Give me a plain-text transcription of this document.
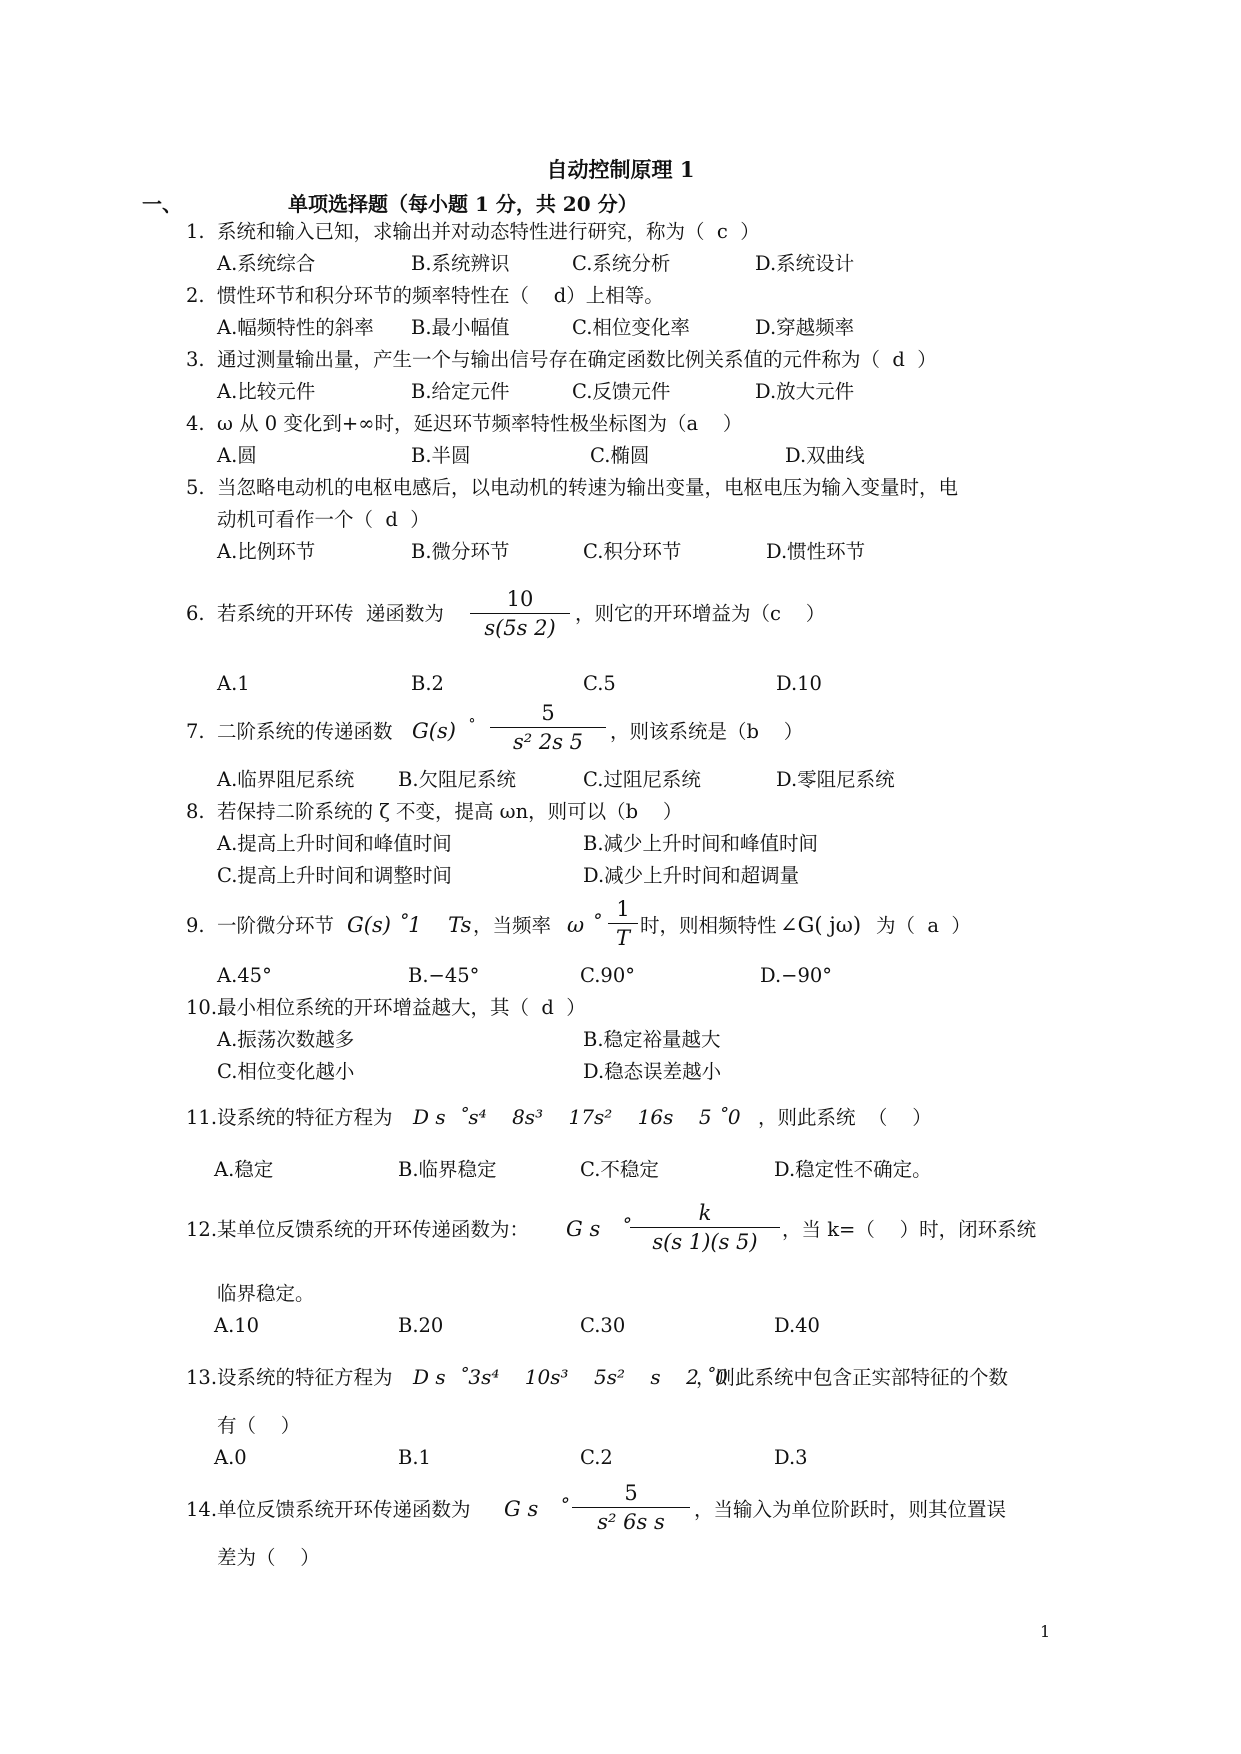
自动控制原理 1
一、	单项选择题（每小题 1 分，共 20 分）
1.  系统和输入已知，求输出并对动态特性进行研究，称为（  c  ）
A.系统综合	B.系统辨识	C.系统分析	D.系统设计
2.  惯性环节和积分环节的频率特性在（    d）上相等。
A.幅频特性的斜率 B.最小幅值	C.相位变化率	D.穿越频率
3.  通过测量输出量，产生一个与输出信号存在确定函数比例关系值的元件称为（  d  ）
A.比较元件	B.给定元件	C.反馈元件	D.放大元件
4.  ω 从 0 变化到+∞时，延迟环节频率特性极坐标图为（a    ）
A.圆	B.半圆	C.椭圆	D.双曲线
5.  当忽略电动机的电枢电感后，以电动机的转速为输出变量，电枢电压为输入变量时，电
动机可看作一个（  d  ）
A.比例环节	B.微分环节	C.积分环节	D.惯性环节
6.  若系统的开环传  递函数为
10
s(5s 2)
，则它的开环增益为（c    ）
A.1	B.2	C.5	D.10
7.  二阶系统的传递函数 G(s) ˚
5
s² 2s 5	，则该系统是（b    ）
A.临界阻尼系统 B.欠阻尼系统	C.过阻尼系统	D.零阻尼系统
8.  若保持二阶系统的 ζ 不变，提高 ωn，则可以（b    ）
A.提高上升时间和峰值时间	B.减少上升时间和峰值时间
C.提高上升时间和调整时间	D.减少上升时间和超调量
9.  一阶微分环节 G(s) ˚1    Ts ，当频率 ω ˚
1
T
时，则相频特性 ∠G( jω) 为（  a  ）
A.45°	B.−45°	C.90°	D.−90°
10.最小相位系统的开环增益越大，其（  d  ）
A.振荡次数越多	B.稳定裕量越大
C.相位变化越小	D.稳态误差越小
11.设系统的特征方程为 D s  ˚s⁴    8s³    17s²    16s    5 ˚0 ，则此系统  （    ）
A.稳定	B.临界稳定	C.不稳定	D.稳定性不确定。
12.某单位反馈系统的开环传递函数为： G s   ˚
k
s(s 1)(s 5)
，当 k=（    ）时，闭环系统
临界稳定。
A.10	B.20	C.30	D.40
13.设系统的特征方程为 D s  ˚3s⁴    10s³    5s²    s    2 ˚0
，则此系统中包含正实部特征的个数
有（    ）
A.0	B.1	C.2	D.3
14.单位反馈系统开环传递函数为 G s   ˚
5
s² 6s s
，当输入为单位阶跃时，则其位置误
差为（    ）
1
